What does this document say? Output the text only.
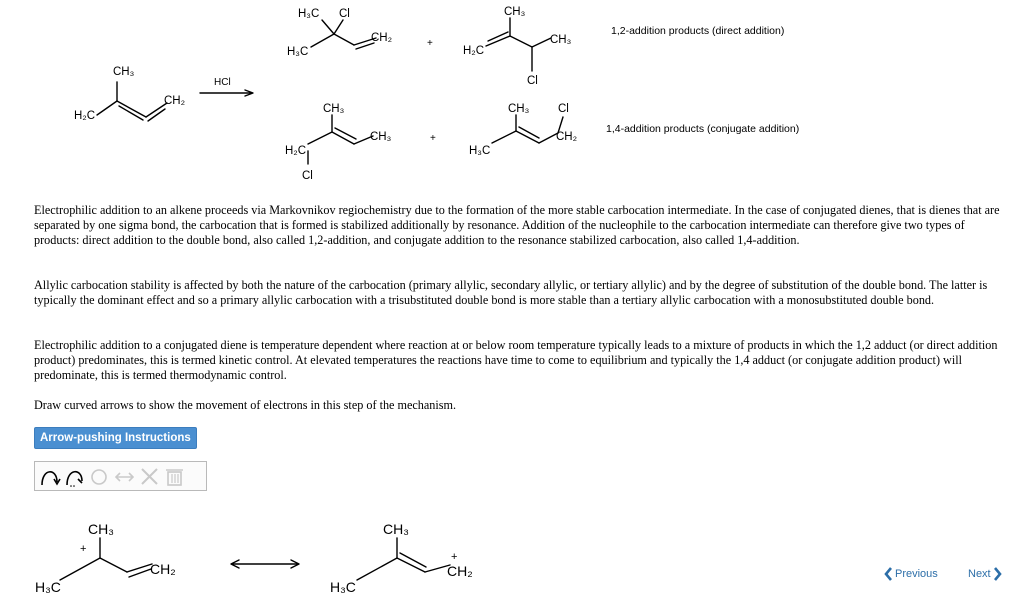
CH₃
H₂C
CH₂
HCl
H₃C Cl
H₃C
CH₂	+
CH₃
H₂C
CH₃
Cl
1,2-addition products (direct addition)
CH₃
H₂C
CH₃
Cl
+
CH₃ Cl
H₃C
CH₂
1,4-addition products (conjugate addition)

Electrophilic addition to an alkene proceeds via Markovnikov regiochemistry due to the formation of the more stable carbocation intermediate. In the case of conjugated dienes, that is dienes that are separated by one sigma bond, the carbocation that is formed is stabilized additionally by resonance. Addition of the nucleophile to the carbocation intermediate can therefore give two types of products: direct addition to the double bond, also called 1,2-addition, and conjugate addition to the resonance stabilized carbocation, also called 1,4-addition.

Allylic carbocation stability is affected by both the nature of the carbocation (primary allylic, secondary allylic, or tertiary allylic) and by the degree of substitution of the double bond. The latter is typically the dominant effect and so a primary allylic carbocation with a trisubstituted double bond is more stable than a tertiary allylic carbocation with a monosubstituted double bond.

Electrophilic addition to a conjugated diene is temperature dependent where reaction at or below room temperature typically leads to a mixture of products in which the 1,2 adduct (or direct addition product) predominates, this is termed kinetic control. At elevated temperatures the reactions have time to come to equilibrium and typically the 1,4 adduct (or conjugate addition product) will predominate, this is termed thermodynamic control.

Draw curved arrows to show the movement of electrons in this step of the mechanism.

Arrow-pushing Instructions
CH₃
+
H₃C
CH₂
CH₃
H₃C
+
CH₂	Previous	Next
